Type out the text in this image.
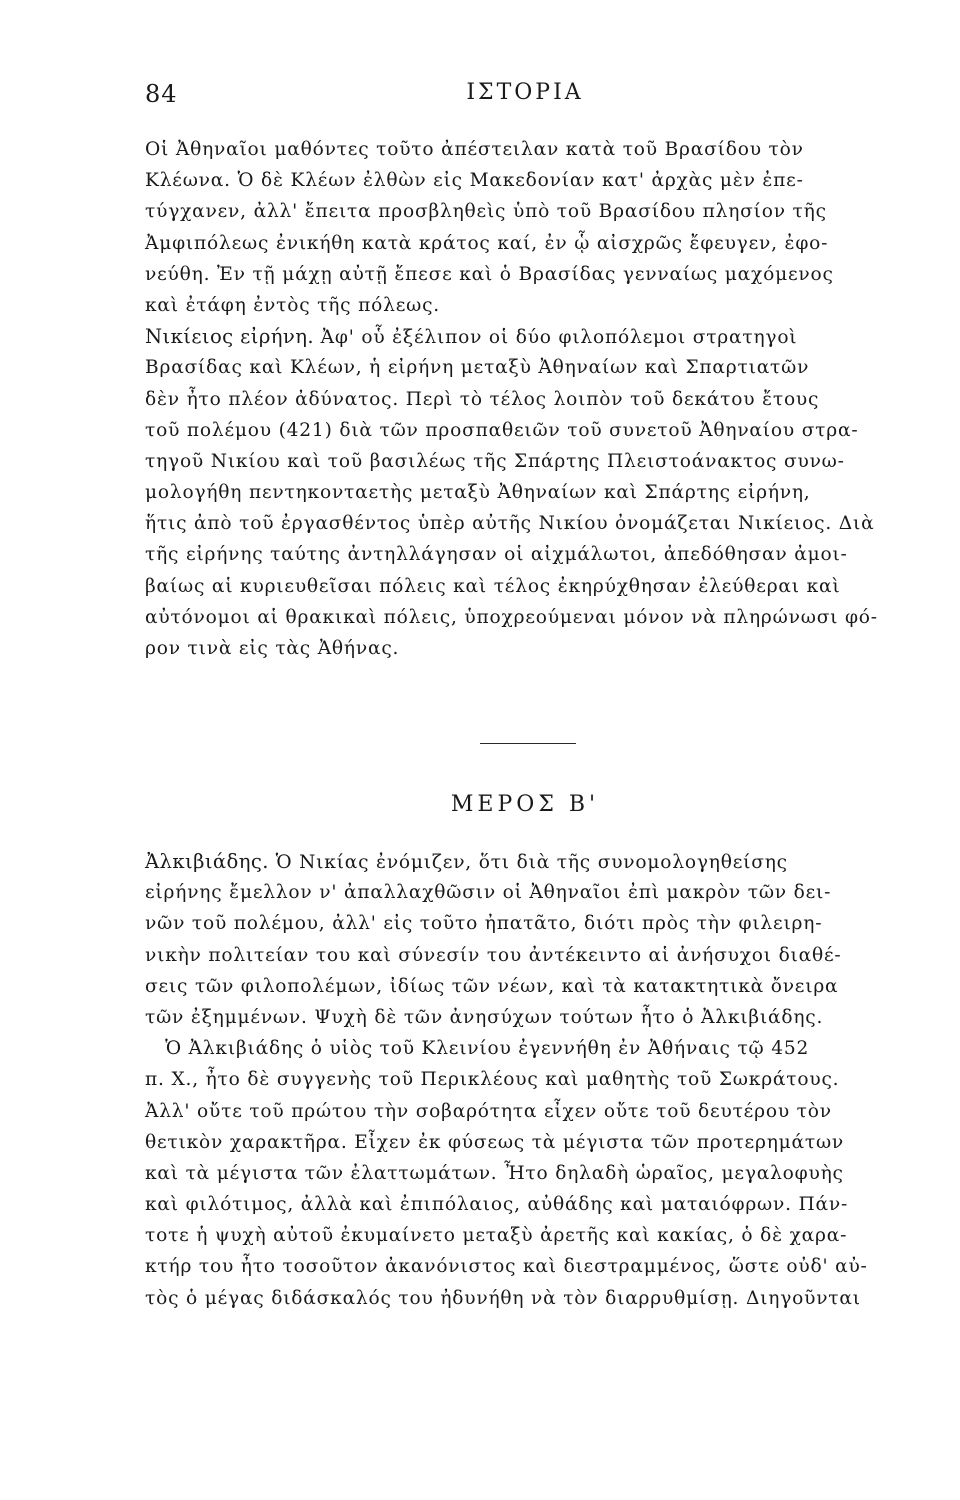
84	ΙΣΤΟΡΙΑ
Οἱ Ἀθηναῖοι μαθόντες τοῦτο ἀπέστειλαν κατὰ τοῦ Βρασίδου τὸν
Κλέωνα. Ὁ δὲ Κλέων ἐλθὼν εἰς Μακεδονίαν κατ' ἀρχὰς μὲν ἐπε-
τύγχανεν, ἀλλ' ἔπειτα προσβληθεὶς ὑπὸ τοῦ Βρασίδου πλησίον τῆς
Ἀμφιπόλεως ἐνικήθη κατὰ κράτος καί, ἐν ᾧ αἰσχρῶς ἔφευγεν, ἐφο-
νεύθη. Ἐν τῇ μάχῃ αὐτῇ ἔπεσε καὶ ὁ Βρασίδας γενναίως μαχόμενος
καὶ ἐτάφη ἐντὸς τῆς πόλεως.
Νικίειος εἰρήνη. Ἀφ' οὗ ἐξέλιπον οἱ δύο φιλοπόλεμοι στρατηγοὶ
Βρασίδας καὶ Κλέων, ἡ εἰρήνη μεταξὺ Ἀθηναίων καὶ Σπαρτιατῶν
δὲν ἦτο πλέον ἀδύνατος. Περὶ τὸ τέλος λοιπὸν τοῦ δεκάτου ἔτους
τοῦ πολέμου (421) διὰ τῶν προσπαθειῶν τοῦ συνετοῦ Ἀθηναίου στρα-
τηγοῦ Νικίου καὶ τοῦ βασιλέως τῆς Σπάρτης Πλειστοάνακτος συνω-
μολογήθη πεντηκονταετὴς μεταξὺ Ἀθηναίων καὶ Σπάρτης εἰρήνη,
ἥτις ἀπὸ τοῦ ἐργασθέντος ὑπὲρ αὐτῆς Νικίου ὀνομάζεται Νικίειος. Διὰ
τῆς εἰρήνης ταύτης ἀντηλλάγησαν οἱ αἰχμάλωτοι, ἀπεδόθησαν ἀμοι-
βαίως αἱ κυριευθεῖσαι πόλεις καὶ τέλος ἐκηρύχθησαν ἐλεύθεραι καὶ
αὐτόνομοι αἱ θρακικαὶ πόλεις, ὑποχρεούμεναι μόνον νὰ πληρώνωσι φό-
ρον τινὰ εἰς τὰς Ἀθήνας.
ΜΕΡΟΣ Β'
Ἀλκιβιάδης. Ὁ Νικίας ἐνόμιζεν, ὅτι διὰ τῆς συνομολογηθείσης
εἰρήνης ἔμελλον ν' ἀπαλλαχθῶσιν οἱ Ἀθηναῖοι ἐπὶ μακρὸν τῶν δει-
νῶν τοῦ πολέμου, ἀλλ' εἰς τοῦτο ἠπατᾶτο, διότι πρὸς τὴν φιλειρη-
νικὴν πολιτείαν του καὶ σύνεσίν του ἀντέκειντο αἱ ἀνήσυχοι διαθέ-
σεις τῶν φιλοπολέμων, ἰδίως τῶν νέων, καὶ τὰ κατακτητικὰ ὄνειρα
τῶν ἐξημμένων. Ψυχὴ δὲ τῶν ἀνησύχων τούτων ἦτο ὁ Ἀλκιβιάδης.
Ὁ Ἀλκιβιάδης ὁ υἱὸς τοῦ Κλεινίου ἐγεννήθη ἐν Ἀθήναις τῷ 452
π. Χ., ἦτο δὲ συγγενὴς τοῦ Περικλέους καὶ μαθητὴς τοῦ Σωκράτους.
Ἀλλ' οὔτε τοῦ πρώτου τὴν σοβαρότητα εἶχεν οὔτε τοῦ δευτέρου τὸν
θετικὸν χαρακτῆρα. Εἶχεν ἐκ φύσεως τὰ μέγιστα τῶν προτερημάτων
καὶ τὰ μέγιστα τῶν ἐλαττωμάτων. Ἦτο δηλαδὴ ὡραῖος, μεγαλοφυὴς
καὶ φιλότιμος, ἀλλὰ καὶ ἐπιπόλαιος, αὐθάδης καὶ ματαιόφρων. Πάν-
τοτε ἡ ψυχὴ αὐτοῦ ἐκυμαίνετο μεταξὺ ἀρετῆς καὶ κακίας, ὁ δὲ χαρα-
κτήρ του ἦτο τοσοῦτον ἀκανόνιστος καὶ διεστραμμένος, ὥστε οὐδ' αὐ-
τὸς ὁ μέγας διδάσκαλός του ἠδυνήθη νὰ τὸν διαρρυθμίσῃ. Διηγοῦνται
